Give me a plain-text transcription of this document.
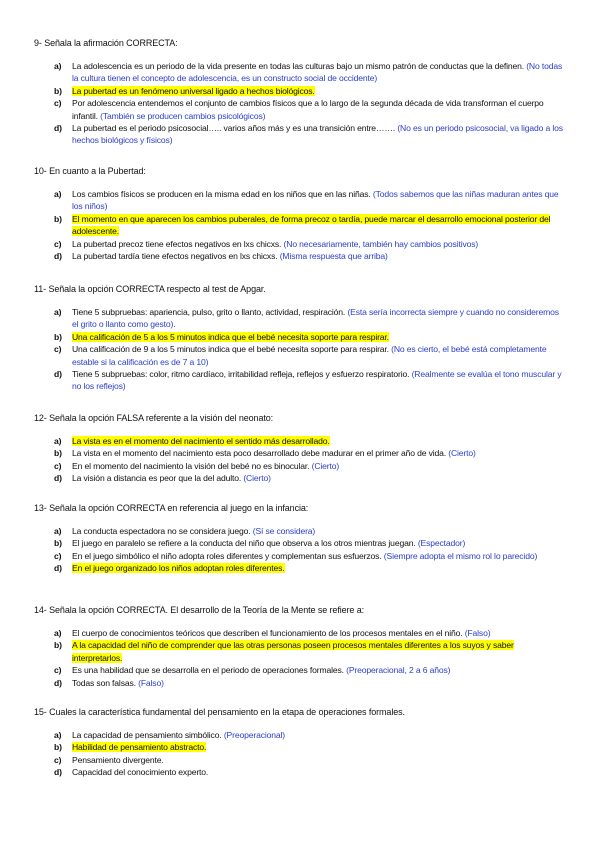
9- Señala la afirmación CORRECTA:
a) La adolescencia es un periodo de la vida presente en todas las culturas bajo un mismo patrón de conductas que la definen. (No todas la cultura tienen el concepto de adolescencia, es un constructo social de occidente)
b) La pubertad es un fenómeno universal ligado a hechos biológicos.
c) Por adolescencia entendemos el conjunto de cambios físicos que a lo largo de la segunda década de vida transforman el cuerpo infantil. (También se producen cambios psicológicos)
d) La pubertad es el periodo psicosocial….. varios años más y es una transición entre……. (No es un periodo psicosocial, va ligado a los hechos biológicos y físicos)
10- En cuanto a la Pubertad:
a) Los cambios físicos se producen en la misma edad en los niños que en las niñas. (Todos sabemos que las niñas maduran antes que los niños)
b) El momento en que aparecen los cambios puberales, de forma precoz o tardía, puede marcar el desarrollo emocional posterior del adolescente.
c) La pubertad precoz tiene efectos negativos en lxs chicxs. (No necesariamente, también hay cambios positivos)
d) La pubertad tardía tiene efectos negativos en lxs chicxs. (Misma respuesta que arriba)
11- Señala la opción CORRECTA respecto al test de Apgar.
a) Tiene 5 subpruebas: apariencia, pulso, grito o llanto, actividad, respiración. (Esta sería incorrecta siempre y cuando no consideremos el grito o llanto como gesto).
b) Una calificación de 5 a los 5 minutos indica que el bebé necesita soporte para respirar.
c) Una calificación de 9 a los 5 minutos indica que el bebé necesita soporte para respirar. (No es cierto, el bebé está completamente estable si la calificación es de 7 a 10)
d) Tiene 5 subpruebas: color, ritmo cardíaco, irritabilidad refleja, reflejos y esfuerzo respiratorio. (Realmente se evalúa el tono muscular y no los reflejos)
12- Señala la opción FALSA referente a la visión del neonato:
a) La vista es en el momento del nacimiento el sentido más desarrollado.
b) La vista en el momento del nacimiento esta poco desarrollado debe madurar en el primer año de vida. (Cierto)
c) En el momento del nacimiento la visión del bebé no es binocular. (Cierto)
d) La visión a distancia es peor que la del adulto. (Cierto)
13- Señala la opción CORRECTA en referencia al juego en la infancia:
a) La conducta espectadora no se considera juego. (Sí se considera)
b) El juego en paralelo se refiere a la conducta del niño que observa a los otros mientras juegan. (Espectador)
c) En el juego simbólico el niño adopta roles diferentes y complementan sus esfuerzos. (Siempre adopta el mismo rol lo parecido)
d) En el juego organizado los niños adoptan roles diferentes.
14- Señala la opción CORRECTA. El desarrollo de la Teoría de la Mente se refiere a:
a) El cuerpo de conocimientos teóricos que describen el funcionamiento de los procesos mentales en el niño. (Falso)
b) A la capacidad del niño de comprender que las otras personas poseen procesos mentales diferentes a los suyos y saber interpretarlos.
c) Es una habilidad que se desarrolla en el periodo de operaciones formales. (Preoperacional, 2 a 6 años)
d) Todas son falsas. (Falso)
15- Cuales la característica fundamental del pensamiento en la etapa de operaciones formales.
a) La capacidad de pensamiento simbólico. (Preoperacional)
b) Habilidad de pensamiento abstracto.
c) Pensamiento divergente.
d) Capacidad del conocimiento experto.
